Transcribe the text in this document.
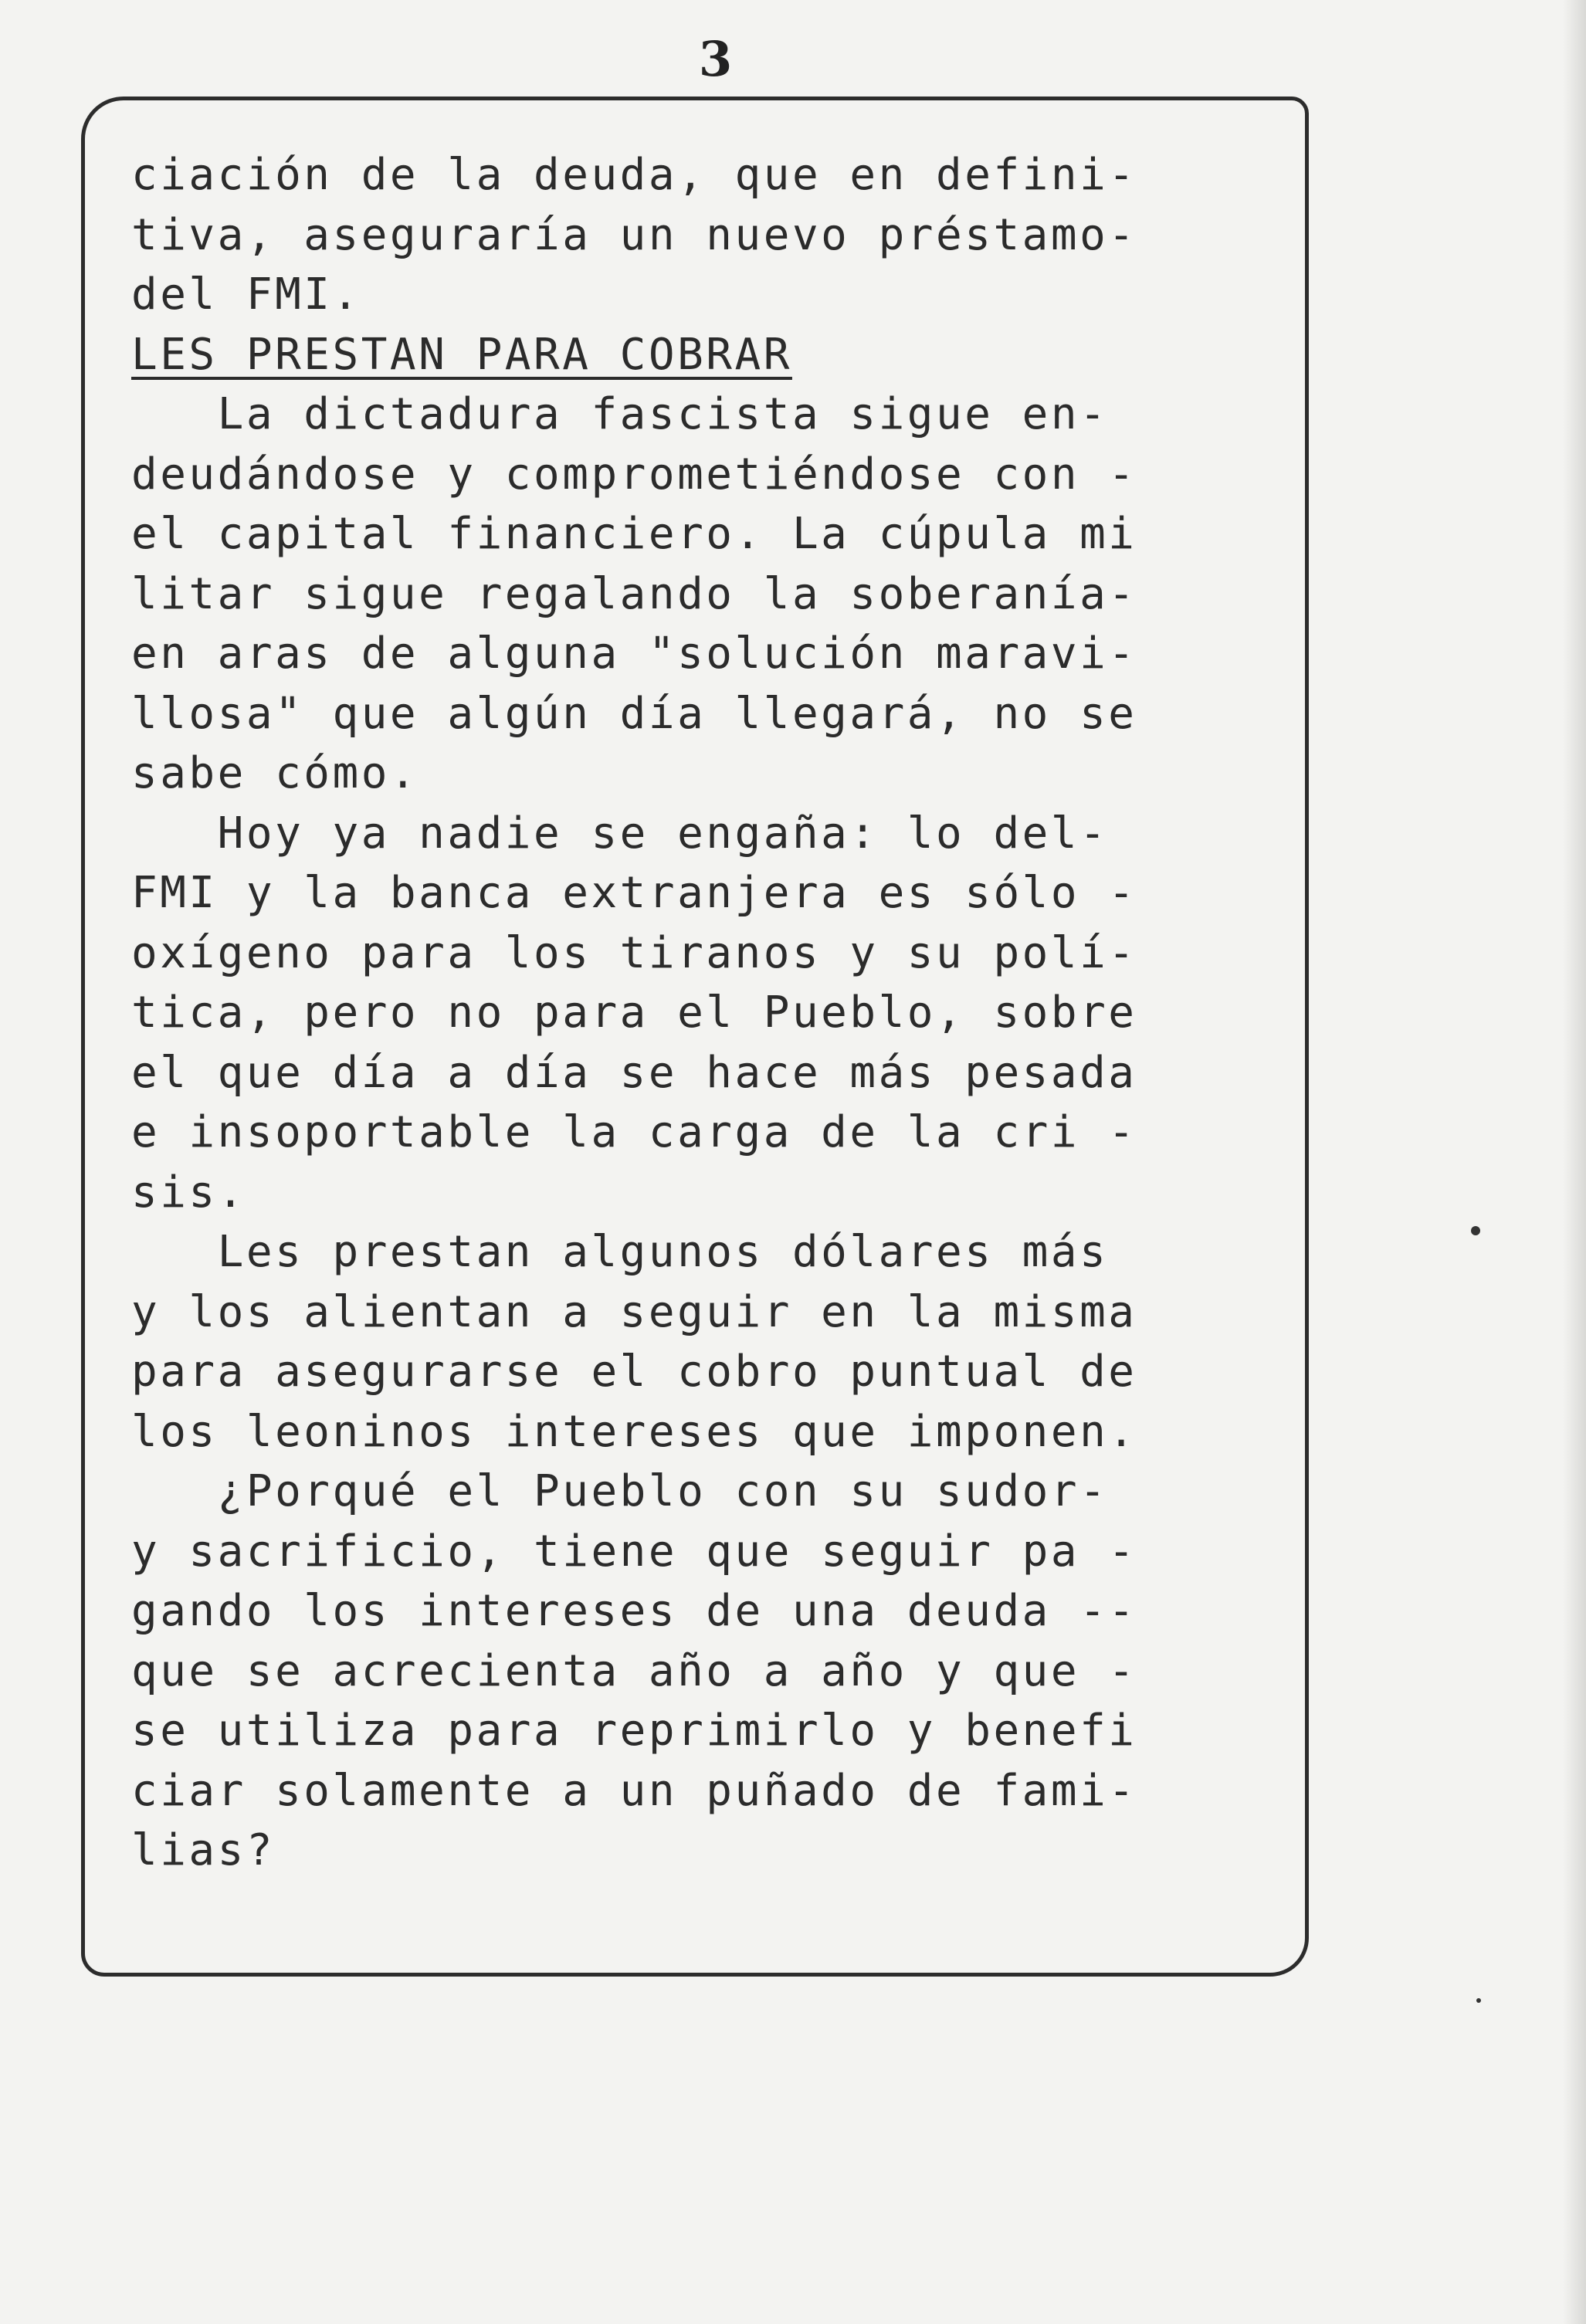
3
ciación de la deuda, que en defini-
tiva, aseguraría un nuevo préstamo-
del FMI.
LES PRESTAN PARA COBRAR
La dictadura fascista sigue en-
deudándose y comprometiéndose con -
el capital financiero. La cúpula mi
litar sigue regalando la soberanía-
en aras de alguna "solución maravi-
llosa" que algún día llegará, no se
sabe cómo.
Hoy ya nadie se engaña: lo del-
FMI y la banca extranjera es sólo -
oxígeno para los tiranos y su polí-
tica, pero no para el Pueblo, sobre
el que día a día se hace más pesada
e insoportable la carga de la cri -
sis.
Les prestan algunos dólares más
y los alientan a seguir en la misma
para asegurarse el cobro puntual de
los leoninos intereses que imponen.
¿Porqué el Pueblo con su sudor-
y sacrificio, tiene que seguir pa -
gando los intereses de una deuda --
que se acrecienta año a año y que -
se utiliza para reprimirlo y benefi
ciar solamente a un puñado de fami-
lias?
